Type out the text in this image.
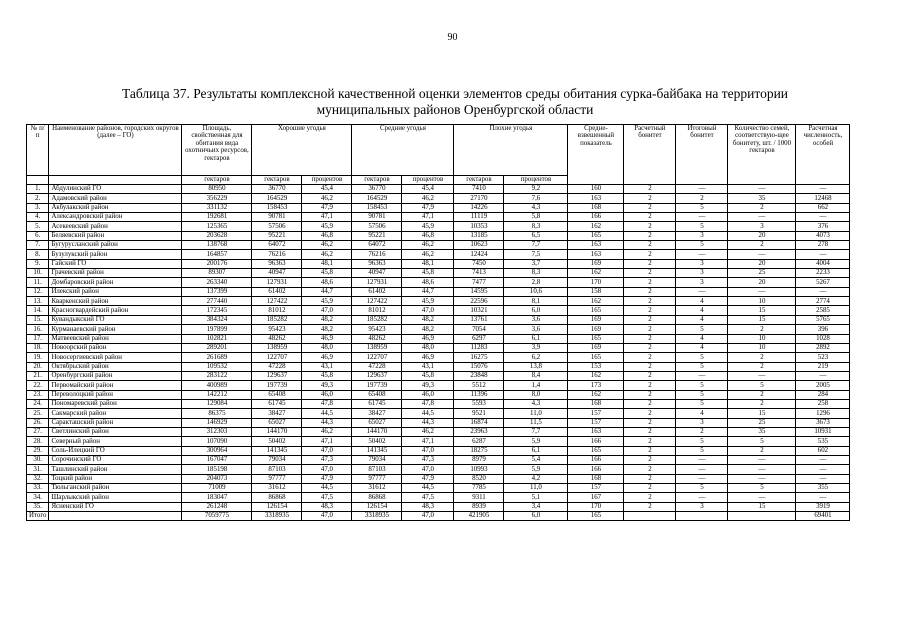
90
Таблица 37. Результаты комплексной качественной оценки элементов среды обитания сурка-байбака на территории
муниципальных районов Оренбургской области
№ п/п	Наименование районов, городских округов (далее – ГО)	Площадь, свойственная для обитания вида охотничьих ресурсов, гектаров	Хорошие угодья		Средние угодья		Плохие угодья		Средне-взвешенный показатель	Расчетный бонитет	Итоговый бонитет	Количество семей, соответствую-щее бонитету, шт. / 1000 гектаров	Расчетная численность, особей
		гектаров	гектаров	процентов	гектаров	процентов	гектаров	процентов					
1.	Абдулинский ГО	80950	36770	45,4	36770	45,4	7410	9,2	160	2	—	—	—
2.	Адамовский район	356229	164529	46,2	164529	46,2	27170	7,6	163	2	2	35	12468
3.	Акбулакский район	331132	158453	47,9	158453	47,9	14226	4,3	168	2	5	2	662
4.	Александровский район	192681	90781	47,1	90781	47,1	11119	5,8	166	2	—	—	—
5.	Асекеевский район	125365	57506	45,9	57506	45,9	10353	8,3	162	2	5	3	376
6.	Беляевский район	203628	95221	46,8	95221	46,8	13185	6,5	165	2	3	20	4073
7.	Бугурусланский район	138768	64072	46,2	64072	46,2	10623	7,7	163	2	5	2	278
8.	Бузулукский район	164857	76216	46,2	76216	46,2	12424	7,5	163	2	—	—	—
9.	Гайский ГО	200176	96363	48,1	96363	48,1	7450	3,7	169	2	3	20	4004
10.	Грачевский район	89307	40947	45,8	40947	45,8	7413	8,3	162	2	3	25	2233
11.	Домбаровский район	263340	127931	48,6	127931	48,6	7477	2,8	170	2	3	20	5267
12.	Илекский район	137399	61402	44,7	61402	44,7	14595	10,6	158	2	—	—	—
13.	Кваркенский район	277440	127422	45,9	127422	45,9	22596	8,1	162	2	4	10	2774
14.	Красногвардейский район	172345	81012	47,0	81012	47,0	10321	6,0	165	2	4	15	2585
15.	Кувандыкский ГО	384324	185282	48,2	185282	48,2	13761	3,6	169	2	4	15	5765
16.	Курманаевский район	197899	95423	48,2	95423	48,2	7054	3,6	169	2	5	2	396
17.	Матвеевский район	102821	48262	46,9	48262	46,9	6297	6,1	165	2	4	10	1028
18.	Новоорский район	289201	138959	48,0	138959	48,0	11283	3,9	169	2	4	10	2892
19.	Новосергиевский район	261689	122707	46,9	122707	46,9	16275	6,2	165	2	5	2	523
20.	Октябрьский район	109532	47228	43,1	47228	43,1	15076	13,8	153	2	5	2	219
21.	Оренбургский район	283122	129637	45,8	129637	45,8	23848	8,4	162	2	—	—	—
22.	Первомайский район	400989	197739	49,3	197739	49,3	5512	1,4	173	2	5	5	2005
23.	Переволоцкий район	142212	65408	46,0	65408	46,0	11396	8,0	162	2	5	2	284
24.	Пономаревский район	129084	61745	47,8	61745	47,8	5593	4,3	168	2	5	2	258
25.	Сакмарский район	86375	38427	44,5	38427	44,5	9521	11,0	157	2	4	15	1296
26.	Саракташский район	146929	65027	44,3	65027	44,3	16874	11,5	157	2	3	25	3673
27.	Светлинский район	312303	144170	46,2	144170	46,2	23963	7,7	163	2	2	35	10931
28.	Северный район	107090	50402	47,1	50402	47,1	6287	5,9	166	2	5	5	535
29.	Соль-Илецкий ГО	300964	141345	47,0	141345	47,0	18275	6,1	165	2	5	2	602
30.	Сорочинский ГО	167047	79034	47,3	79034	47,3	8979	5,4	166	2	—	—	—
31.	Ташлинский район	185198	87103	47,0	87103	47,0	10993	5,9	166	2	—	—	—
32.	Тоцкий район	204073	97777	47,9	97777	47,9	8520	4,2	168	2	—	—	—
33.	Тюльганский район	71009	31612	44,5	31612	44,5	7785	11,0	157	2	5	5	355
34.	Шарлыкский район	183047	86868	47,5	86868	47,5	9311	5,1	167	2	—	—	—
35.	Ясненский ГО	261248	126154	48,3	126154	48,3	8939	3,4	170	2	3	15	3919
Итого		7059775	3318935	47,0	3318935	47,0	421905	6,0	165				69401
